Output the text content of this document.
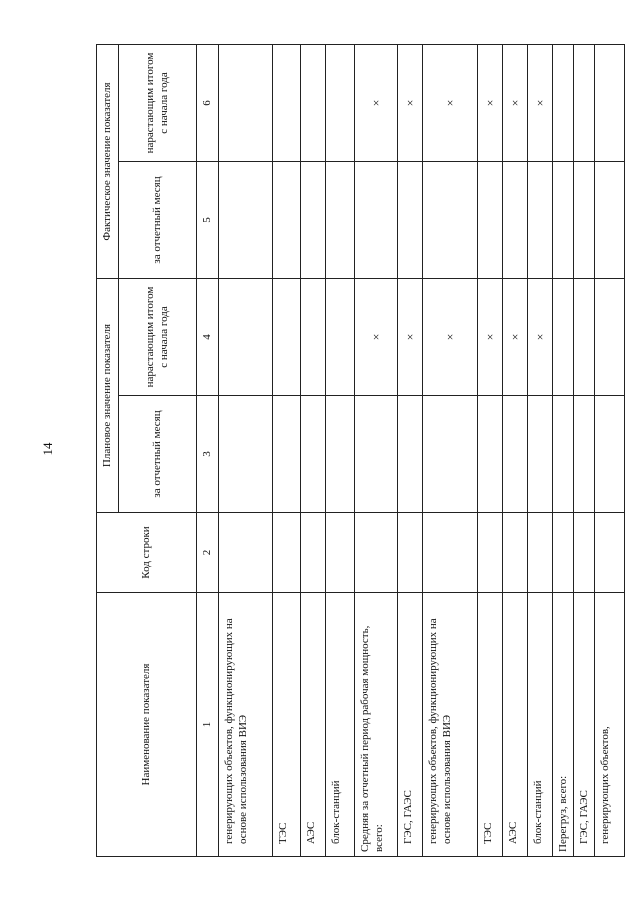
14
Наименование показателя	Код строки	Плановое значение показателя		Фактическое значение показателя	
		за отчетный месяц	нарастающим итогом с начала года	за отчетный месяц	нарастающим итогом с начала года
1	2	3	4	5	6
генерирующих объектов, функционирующих на основе использования ВИЭ					
ТЭС					
АЭС					
блок-станций					
Средняя за отчетный период рабочая мощность, всего:			×		×
ГЭС, ГАЭС			×		×
генерирующих объектов, функционирующих на основе использования ВИЭ			×		×
ТЭС			×		×
АЭС			×		×
блок-станций			×		×
Перегруз, всего:					
ГЭС, ГАЭС					
генерирующих объектов,					
